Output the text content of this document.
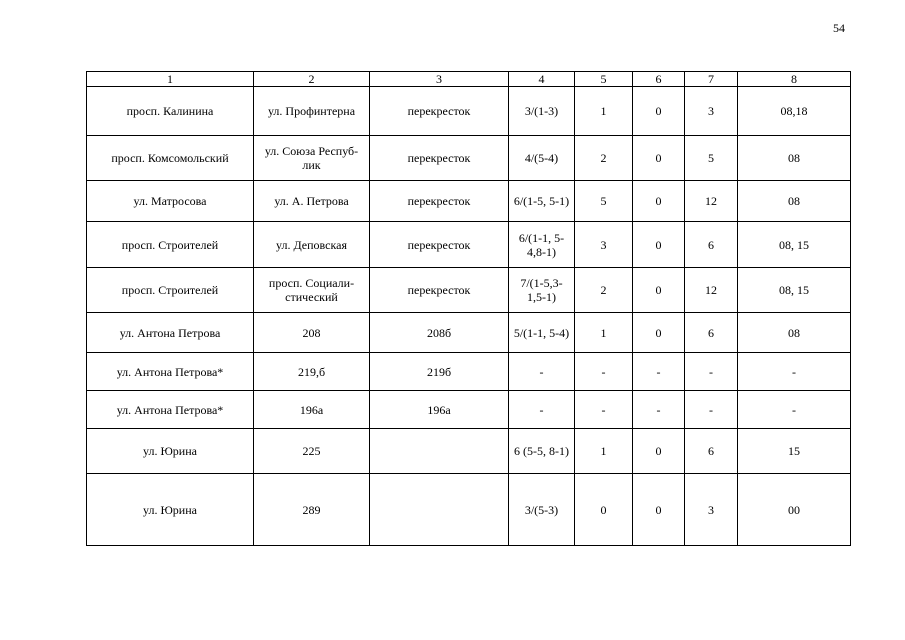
54
1	2	3	4	5	6	7	8
просп. Калинина	ул. Профинтерна	перекресток	3/(1-3)	1	0	3	08,18
просп. Комсомольский	ул. Союза Респуб-лик	перекресток	4/(5-4)	2	0	5	08
ул. Матросова	ул. А. Петрова	перекресток	6/(1-5, 5-1)	5	0	12	08
просп. Строителей	ул. Деповская	перекресток	6/(1-1, 5-4,8-1)	3	0	6	08, 15
просп. Строителей	просп. Социали-стический	перекресток	7/(1-5,3-1,5-1)	2	0	12	08, 15
ул. Антона Петрова	208	208б	5/(1-1, 5-4)	1	0	6	08
ул. Антона Петрова*	219,б	219б	-	-	-	-	-
ул. Антона Петрова*	196а	196а	-	-	-	-	-
ул. Юрина	225		6 (5-5, 8-1)	1	0	6	15
ул. Юрина	289		3/(5-3)	0	0	3	00
